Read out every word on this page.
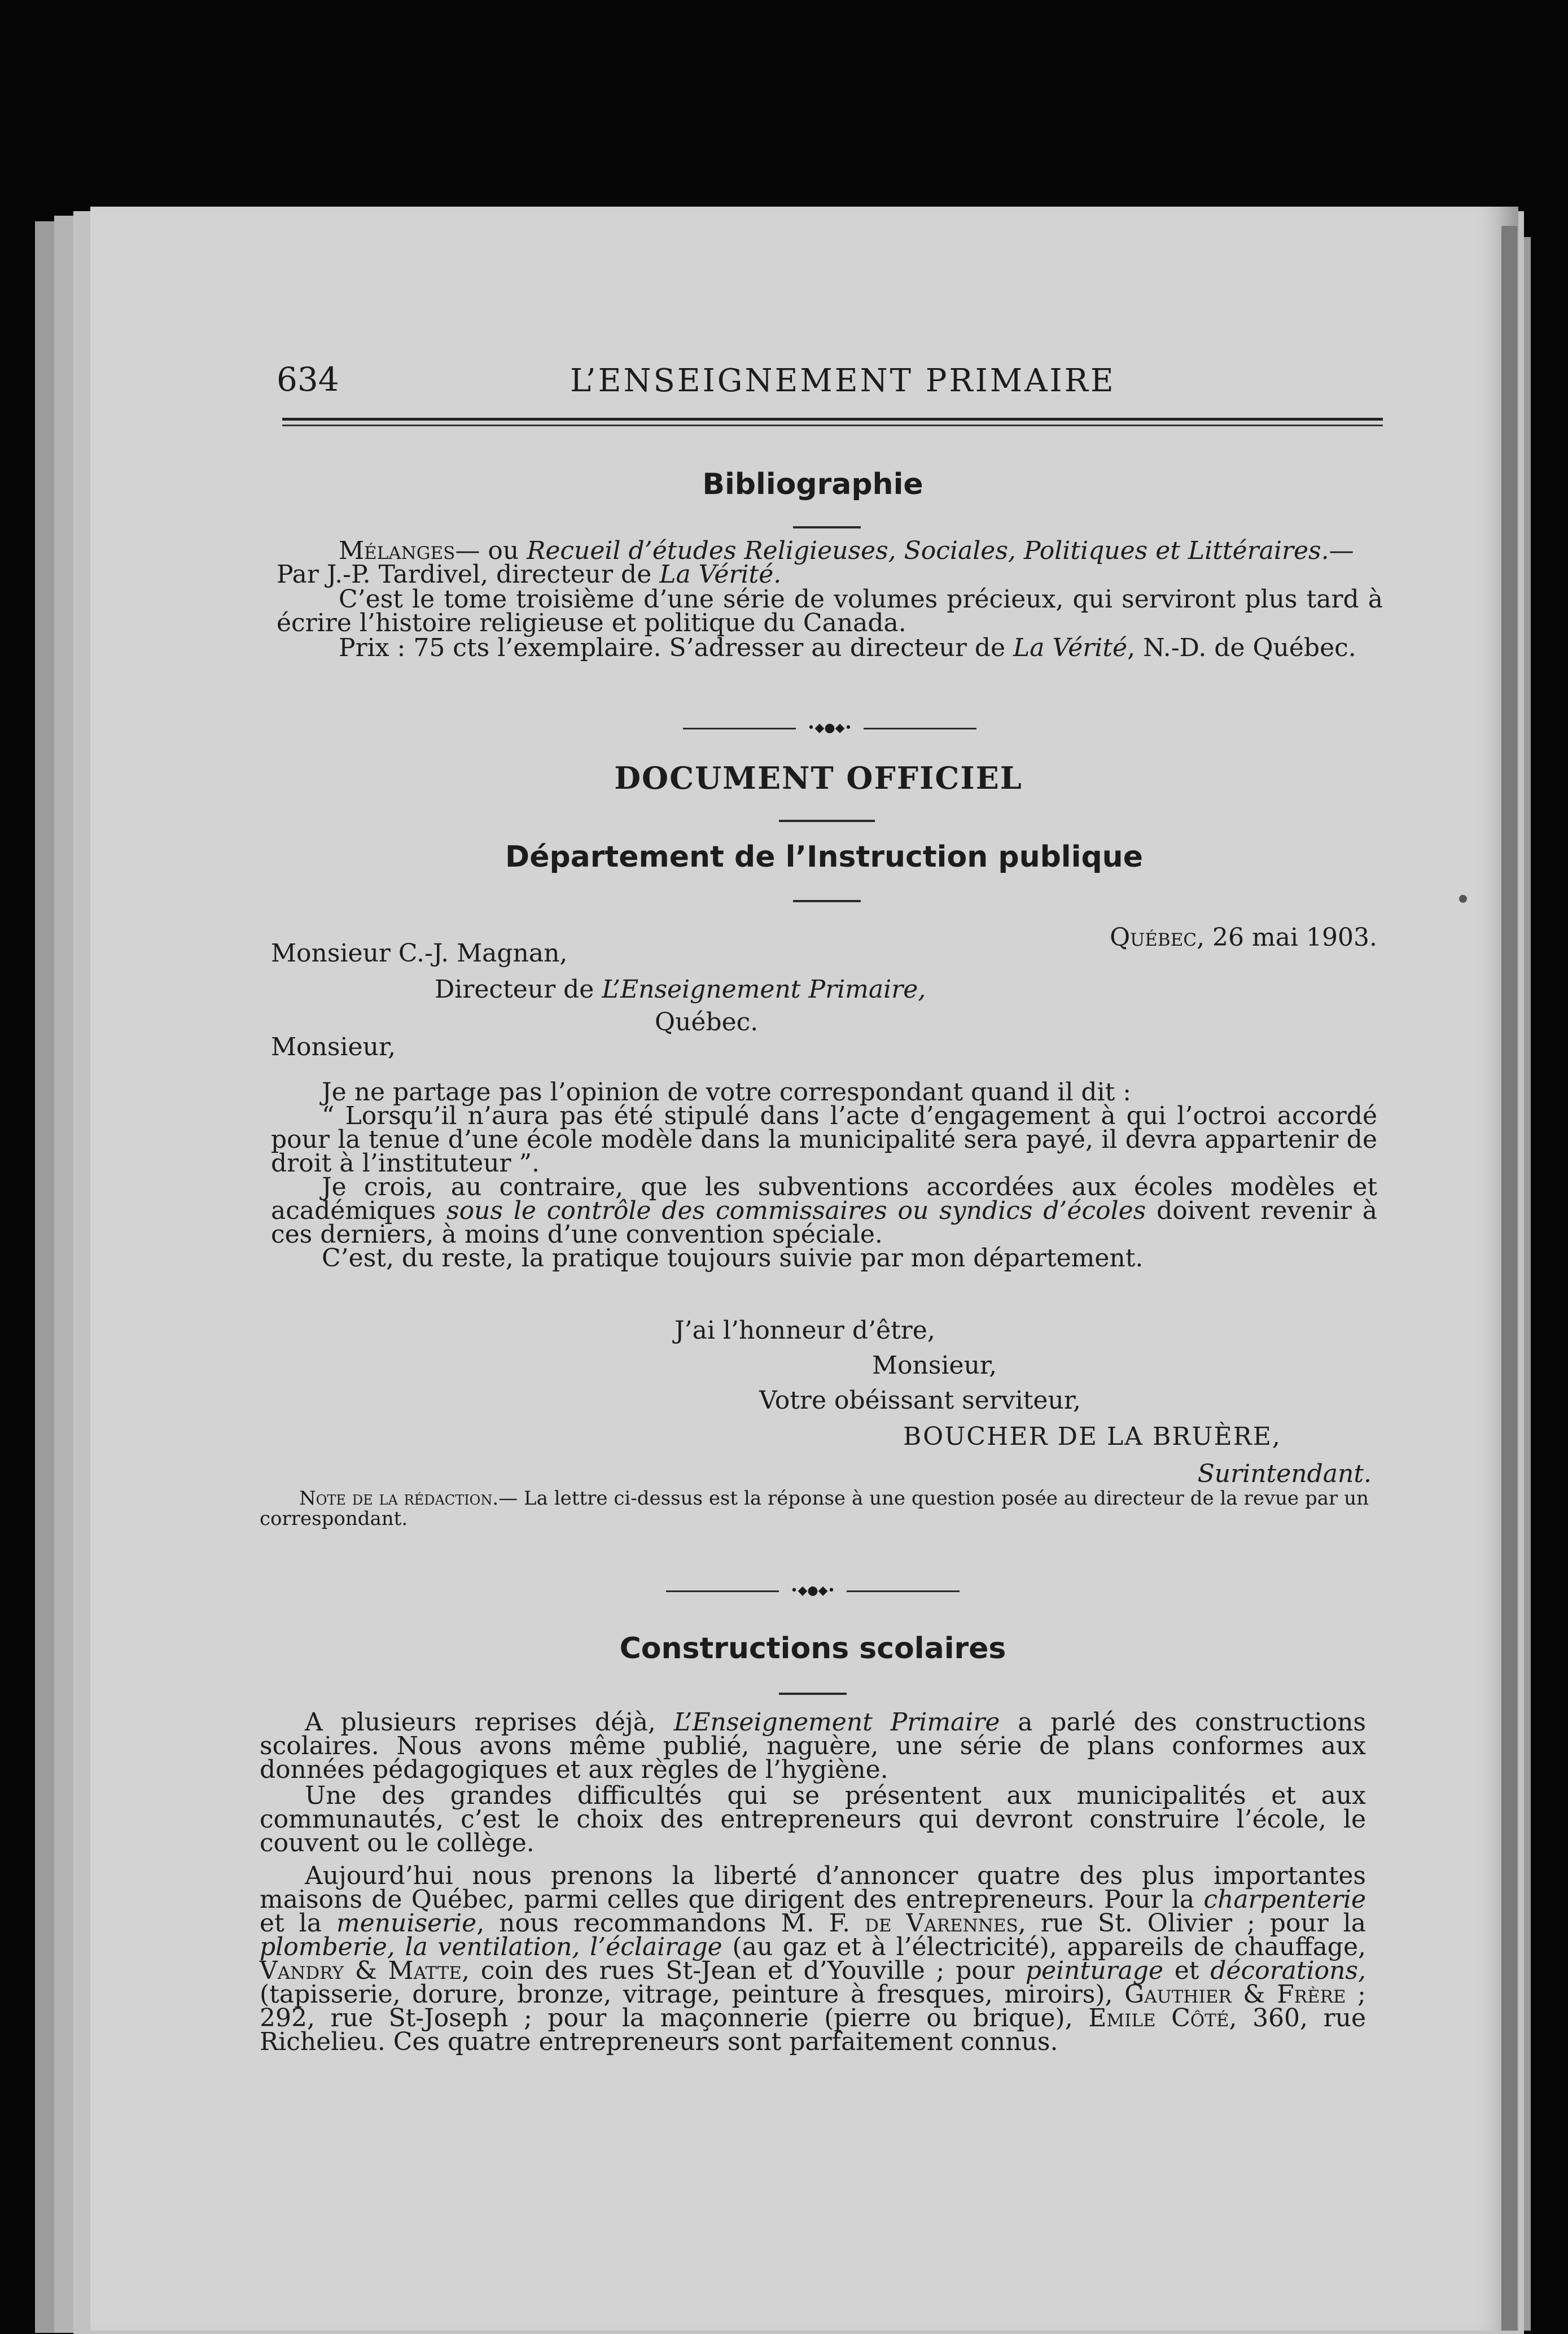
634	L’ENSEIGNEMENT PRIMAIRE
Bibliographie
Mélanges— ou Recueil d’études Religieuses, Sociales, Politiques et Littéraires.—
Par J.-P. Tardivel, directeur de La Vérité.
C’est le tome troisième d’une série de volumes précieux, qui serviront plus tard à écrire l’histoire religieuse et politique du Canada.
Prix : 75 cts l’exemplaire. S’adresser au directeur de La Vérité, N.-D. de Québec.
•◆●◆•
DOCUMENT OFFICIEL
Département de l’Instruction publique
Québec, 26 mai 1903.
Monsieur C.-J. Magnan,
Directeur de L’Enseignement Primaire,
Québec.
Monsieur,
Je ne partage pas l’opinion de votre correspondant quand il dit :
“ Lorsqu’il n’aura pas été stipulé dans l’acte d’engagement à qui l’octroi accordé pour la tenue d’une école modèle dans la municipalité sera payé, il devra appartenir de droit à l’instituteur ”.
Je crois, au contraire, que les subventions accordées aux écoles modèles et académiques sous le contrôle des commissaires ou syndics d’écoles doivent revenir à ces derniers, à moins d’une convention spéciale.
C’est, du reste, la pratique toujours suivie par mon département.
J’ai l’honneur d’être,
Monsieur,
Votre obéissant serviteur,
BOUCHER DE LA BRUÈRE,
Surintendant.
Note de la rédaction.— La lettre ci-dessus est la réponse à une question posée au directeur de la revue par un correspondant.
•◆●◆•
Constructions scolaires
A plusieurs reprises déjà, L’Enseignement Primaire a parlé des constructions scolaires. Nous avons même publié, naguère, une série de plans conformes aux données pédagogiques et aux règles de l’hygiène.
Une des grandes difficultés qui se présentent aux municipalités et aux communautés, c’est le choix des entrepreneurs qui devront construire l’école, le couvent ou le collège.
Aujourd’hui nous prenons la liberté d’annoncer quatre des plus importantes maisons de Québec, parmi celles que dirigent des entrepreneurs. Pour la charpenterie et la menuiserie, nous recommandons M. F. de Varennes, rue St. Olivier ; pour la plomberie, la ventilation, l’éclairage (au gaz et à l’électricité), appareils de chauffage, Vandry & Matte, coin des rues St-Jean et d’Youville ; pour peinturage et décorations, (tapisserie, dorure, bronze, vitrage, peinture à fresques, miroirs), Gauthier & Frère ; 292, rue St-Joseph ; pour la maçonnerie (pierre ou brique), Emile Côté, 360, rue Richelieu. Ces quatre entrepreneurs sont parfaitement connus.
